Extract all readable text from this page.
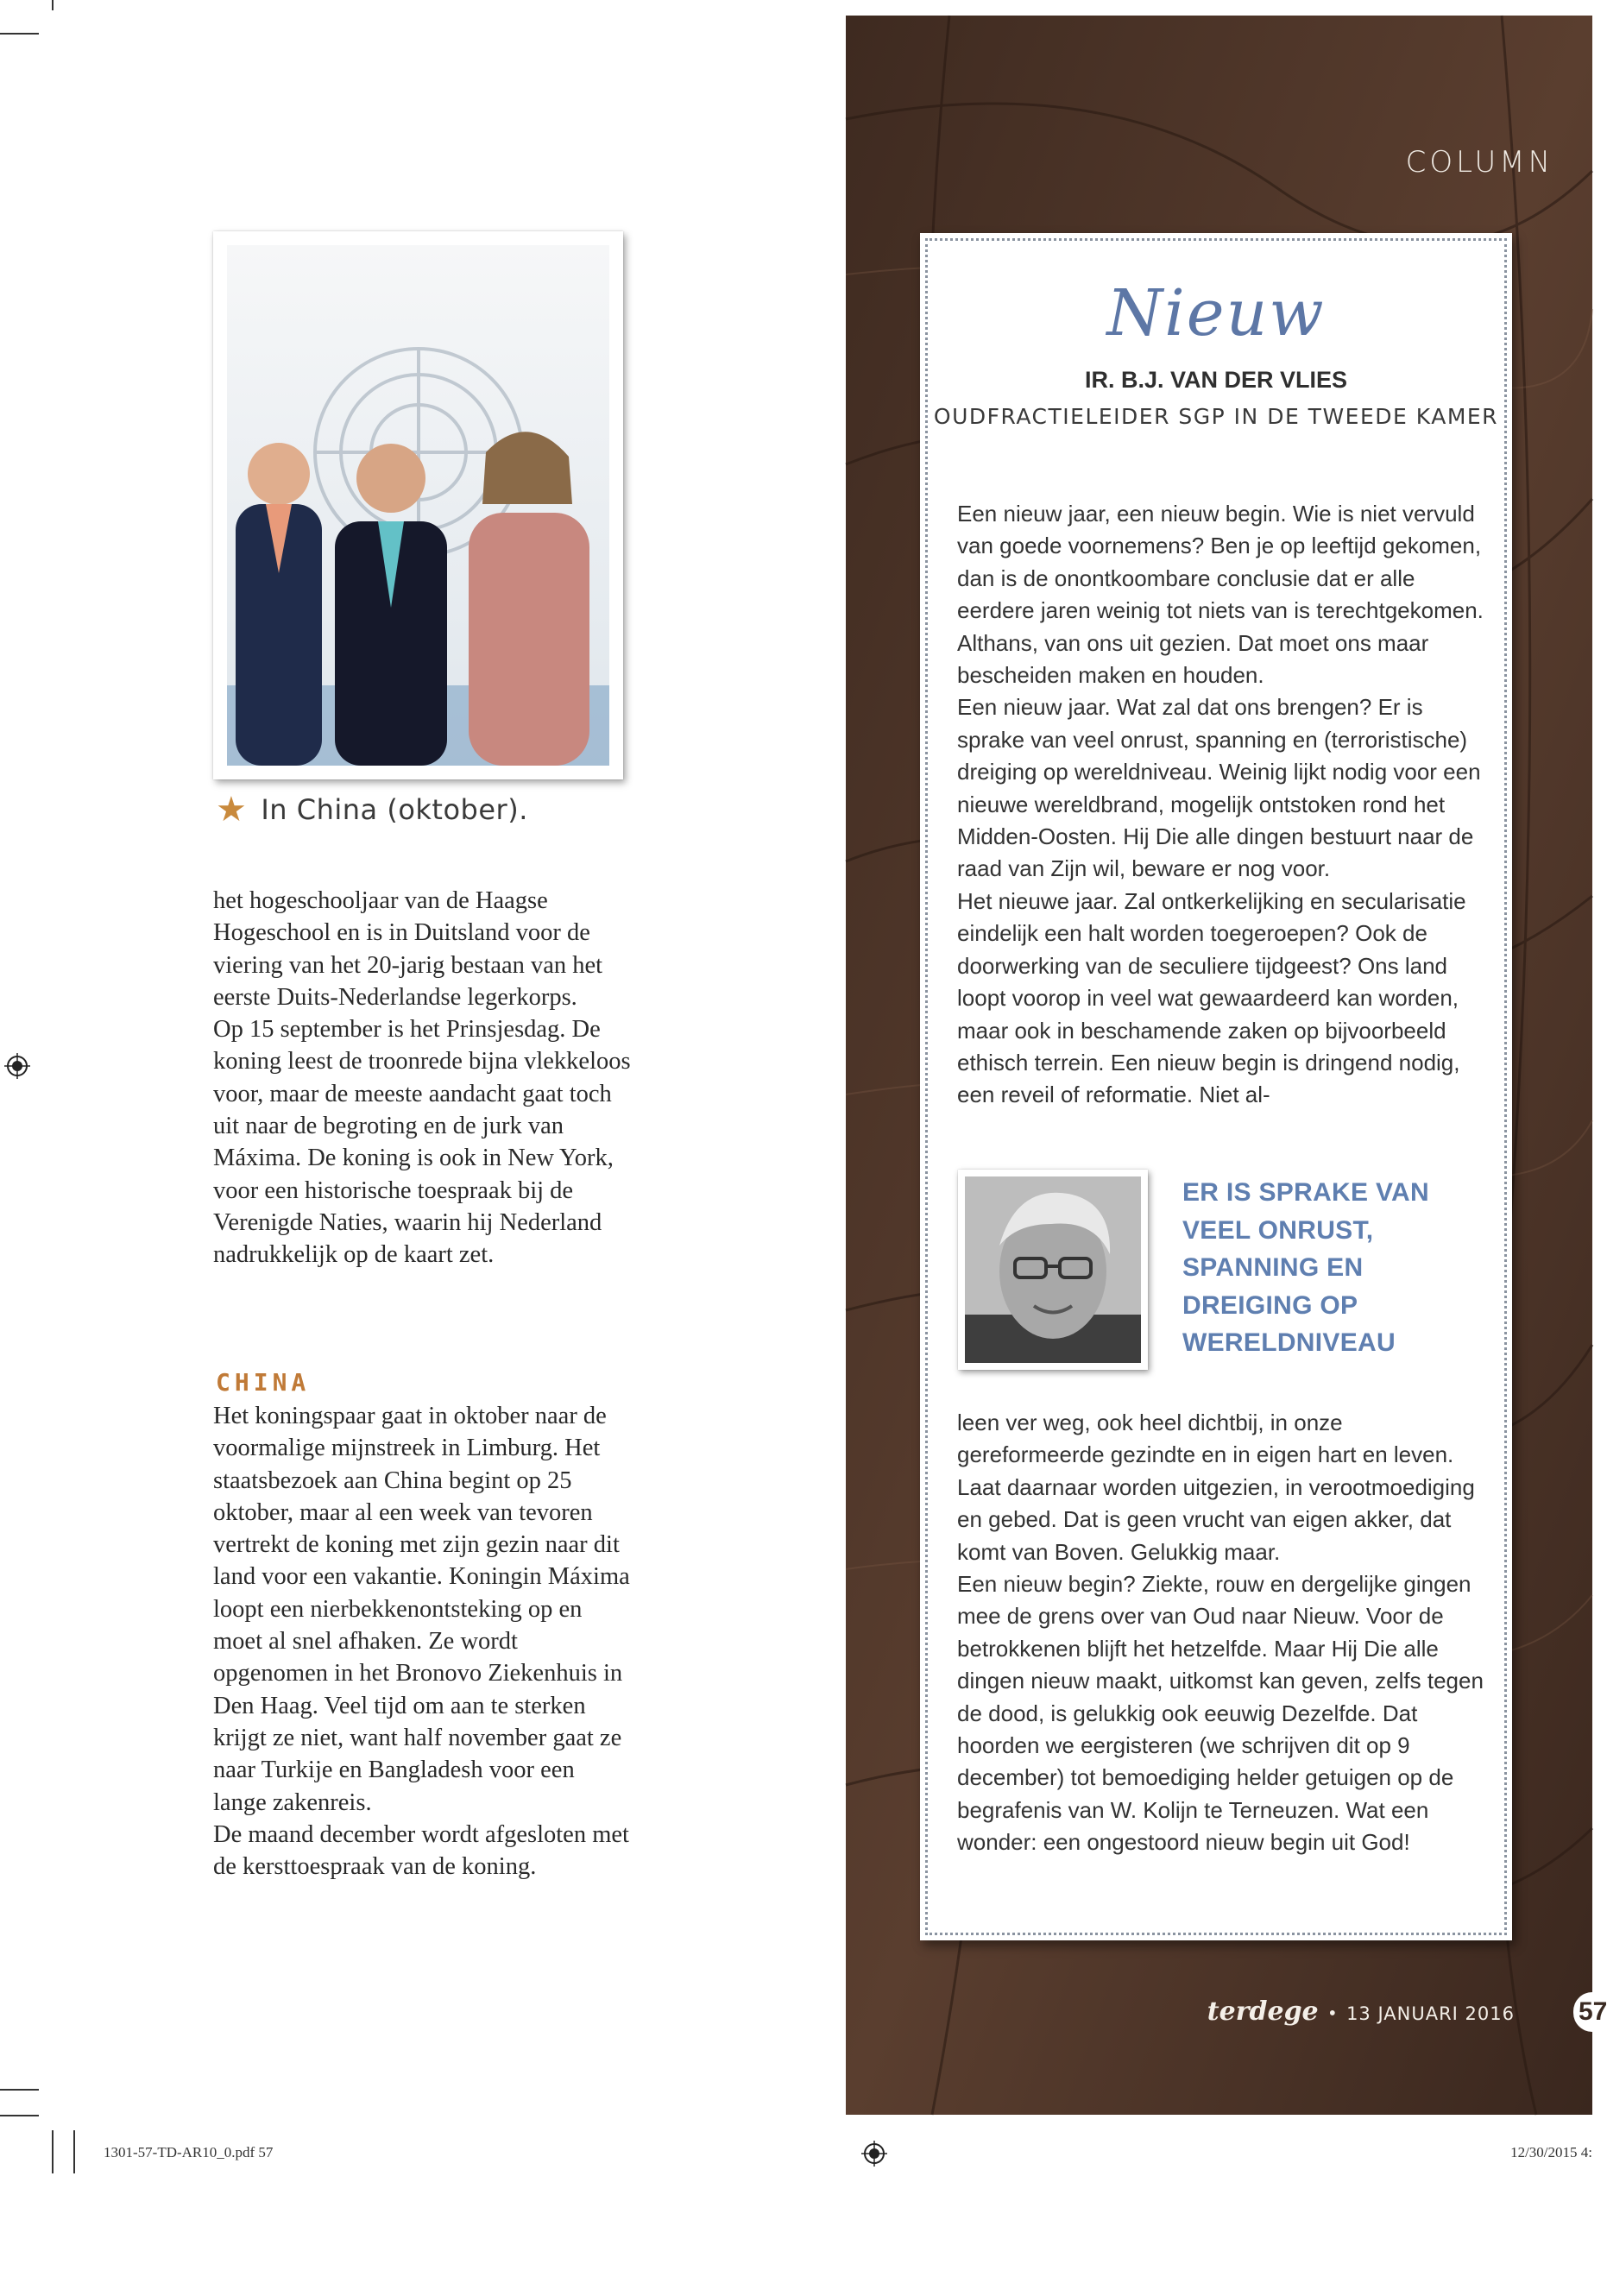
★ In China (oktober).

het hogeschooljaar van de Haagse Hogeschool en is in Duitsland voor de viering van het 20-jarig bestaan van het eerste Duits-Nederlandse legerkorps.

Op 15 september is het Prinsjesdag. De koning leest de troonrede bijna vlekkeloos voor, maar de meeste aandacht gaat toch uit naar de begroting en de jurk van Máxima. De koning is ook in New York, voor een historische toespraak bij de Verenigde Naties, waarin hij Nederland nadrukkelijk op de kaart zet.

CHINA

Het koningspaar gaat in oktober naar de voormalige mijnstreek in Limburg. Het staatsbezoek aan China begint op 25 oktober, maar al een week van tevoren vertrekt de koning met zijn gezin naar dit land voor een vakantie. Koningin Máxima loopt een nierbekkenontsteking op en moet al snel afhaken. Ze wordt opgenomen in het Bronovo Ziekenhuis in Den Haag. Veel tijd om aan te sterken krijgt ze niet, want half november gaat ze naar Turkije en Bangladesh voor een lange zakenreis.

De maand december wordt afgesloten met de kersttoespraak van de koning.

COLUMN
terdege • 13 JANUARI 2016 57
Nieuw
IR. B.J. VAN DER VLIES
OUDFRACTIELEIDER SGP IN DE TWEEDE KAMER

Een nieuw jaar, een nieuw begin. Wie is niet vervuld van goede voornemens? Ben je op leeftijd gekomen, dan is de onontkoombare conclusie dat er alle eerdere jaren weinig tot niets van is terechtgekomen. Althans, van ons uit gezien. Dat moet ons maar bescheiden maken en houden.

Een nieuw jaar. Wat zal dat ons brengen? Er is sprake van veel onrust, spanning en (terroristische) dreiging op wereldniveau. Weinig lijkt nodig voor een nieuwe wereldbrand, mogelijk ontstoken rond het Midden-Oosten. Hij Die alle dingen bestuurt naar de raad van Zijn wil, beware er nog voor.

Het nieuwe jaar. Zal ontkerkelijking en secularisatie eindelijk een halt worden toegeroepen? Ook de doorwerking van de seculiere tijdgeest? Ons land loopt voorop in veel wat gewaardeerd kan worden, maar ook in beschamende zaken op bijvoorbeeld ethisch terrein. Een nieuw begin is dringend nodig, een reveil of reformatie. Niet al-

ER IS SPRAKE VAN VEEL ONRUST, SPANNING EN DREIGING OP WERELDNIVEAU

leen ver weg, ook heel dichtbij, in onze gereformeerde gezindte en in eigen hart en leven. Laat daarnaar worden uitgezien, in verootmoediging en gebed. Dat is geen vrucht van eigen akker, dat komt van Boven. Gelukkig maar.

Een nieuw begin? Ziekte, rouw en dergelijke gingen mee de grens over van Oud naar Nieuw. Voor de betrokkenen blijft het hetzelfde. Maar Hij Die alle dingen nieuw maakt, uitkomst kan geven, zelfs tegen de dood, is gelukkig ook eeuwig Dezelfde. Dat hoorden we eergisteren (we schrijven dit op 9 december) tot bemoediging helder getuigen op de begrafenis van W. Kolijn te Terneuzen. Wat een wonder: een ongestoord nieuw begin uit God!

1301-57-TD-AR10_0.pdf 57	12/30/2015 4:
